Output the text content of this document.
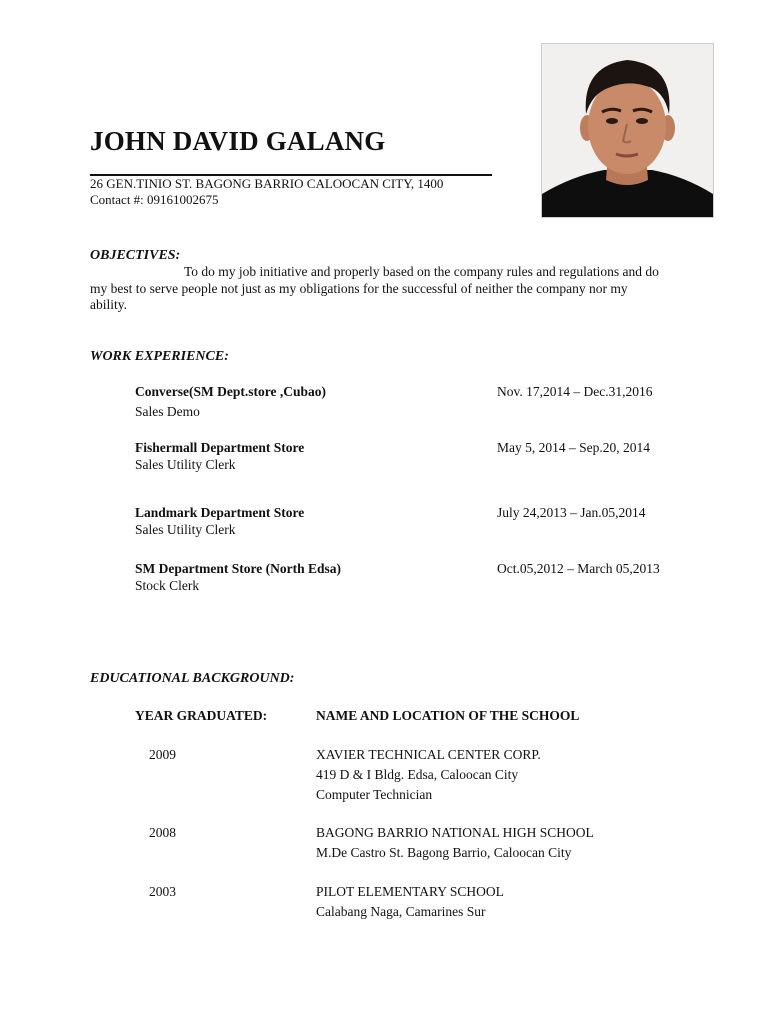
JOHN DAVID GALANG
26 GEN.TINIO ST. BAGONG BARRIO CALOOCAN CITY, 1400
Contact #: 09161002675
OBJECTIVES:
To do my job initiative and properly based on the company rules and regulations and do
my best to serve people not just as my obligations for the successful of neither the company nor my
ability.
WORK EXPERIENCE:
Converse(SM Dept.store ,Cubao)
Sales Demo
Nov. 17,2014 – Dec.31,2016
Fishermall Department Store
Sales Utility Clerk
May 5, 2014 – Sep.20, 2014
Landmark Department Store
Sales Utility Clerk
July 24,2013 – Jan.05,2014
SM Department Store (North Edsa)
Stock Clerk
Oct.05,2012 – March 05,2013
EDUCATIONAL BACKGROUND:
YEAR GRADUATED:	NAME AND LOCATION OF THE SCHOOL
2009	XAVIER TECHNICAL CENTER CORP.
419 D & I Bldg. Edsa, Caloocan City
Computer Technician
2008	BAGONG BARRIO NATIONAL HIGH SCHOOL
M.De Castro St. Bagong Barrio, Caloocan City
2003	PILOT ELEMENTARY SCHOOL
Calabang Naga, Camarines Sur
